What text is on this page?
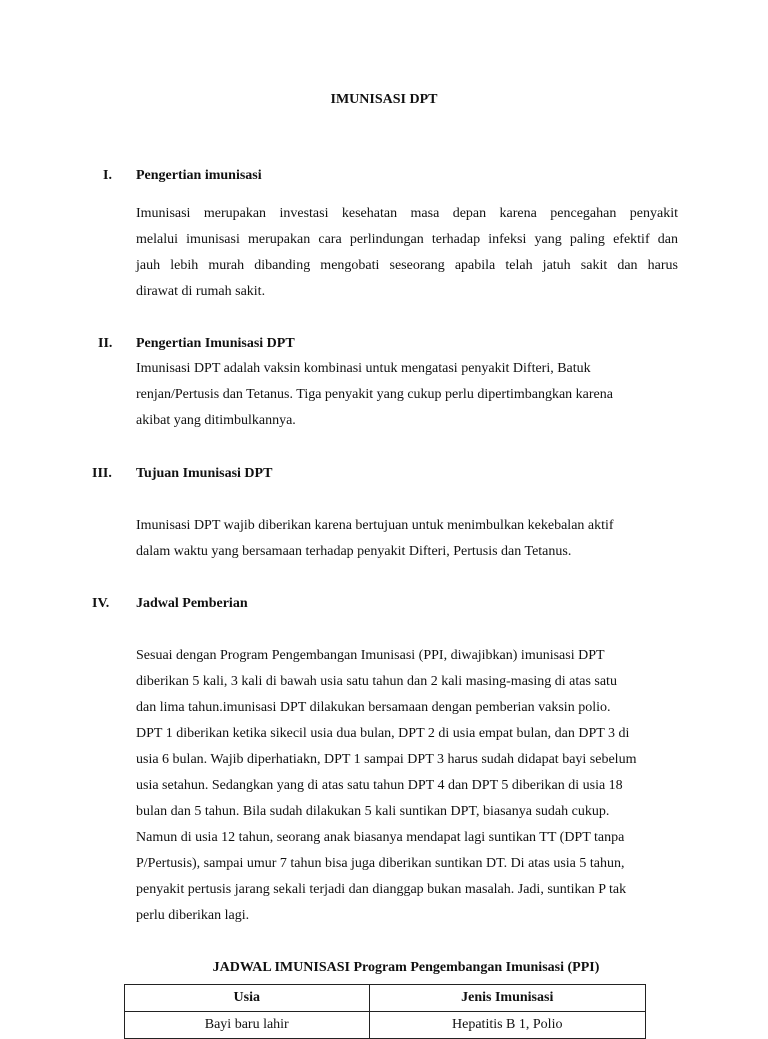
IMUNISASI DPT
I. Pengertian imunisasi
Imunisasi merupakan investasi kesehatan masa depan karena pencegahan penyakit
melalui imunisasi merupakan cara perlindungan terhadap infeksi yang paling efektif dan
jauh lebih murah dibanding mengobati seseorang apabila telah jatuh sakit dan harus
dirawat di rumah sakit.
II. Pengertian Imunisasi DPT
Imunisasi DPT adalah vaksin kombinasi untuk mengatasi penyakit Difteri, Batuk
renjan/Pertusis dan Tetanus. Tiga penyakit yang cukup perlu dipertimbangkan karena
akibat yang ditimbulkannya.
III. Tujuan Imunisasi DPT
Imunisasi DPT wajib diberikan karena bertujuan untuk menimbulkan kekebalan aktif
dalam waktu yang bersamaan terhadap penyakit Difteri, Pertusis dan Tetanus.
IV. Jadwal Pemberian
Sesuai dengan Program Pengembangan Imunisasi (PPI, diwajibkan) imunisasi DPT
diberikan 5 kali, 3 kali di bawah usia satu tahun dan 2 kali masing-masing di atas satu
dan lima tahun.imunisasi DPT dilakukan bersamaan dengan pemberian vaksin polio.
DPT 1 diberikan ketika sikecil usia dua bulan, DPT 2 di usia empat bulan, dan DPT 3 di
usia 6 bulan. Wajib diperhatiakn, DPT 1 sampai DPT 3 harus sudah didapat bayi sebelum
usia setahun. Sedangkan yang di atas satu tahun DPT 4 dan DPT 5 diberikan di usia 18
bulan dan 5 tahun. Bila sudah dilakukan 5 kali suntikan DPT, biasanya sudah cukup.
Namun di usia 12 tahun, seorang anak biasanya mendapat lagi suntikan TT (DPT tanpa
P/Pertusis), sampai umur 7 tahun bisa juga diberikan suntikan DT. Di atas usia 5 tahun,
penyakit pertusis jarang sekali terjadi dan dianggap bukan masalah. Jadi, suntikan P tak
perlu diberikan lagi.
JADWAL IMUNISASI Program Pengembangan Imunisasi (PPI)
Usia	Jenis Imunisasi
Bayi baru lahir	Hepatitis B 1, Polio
